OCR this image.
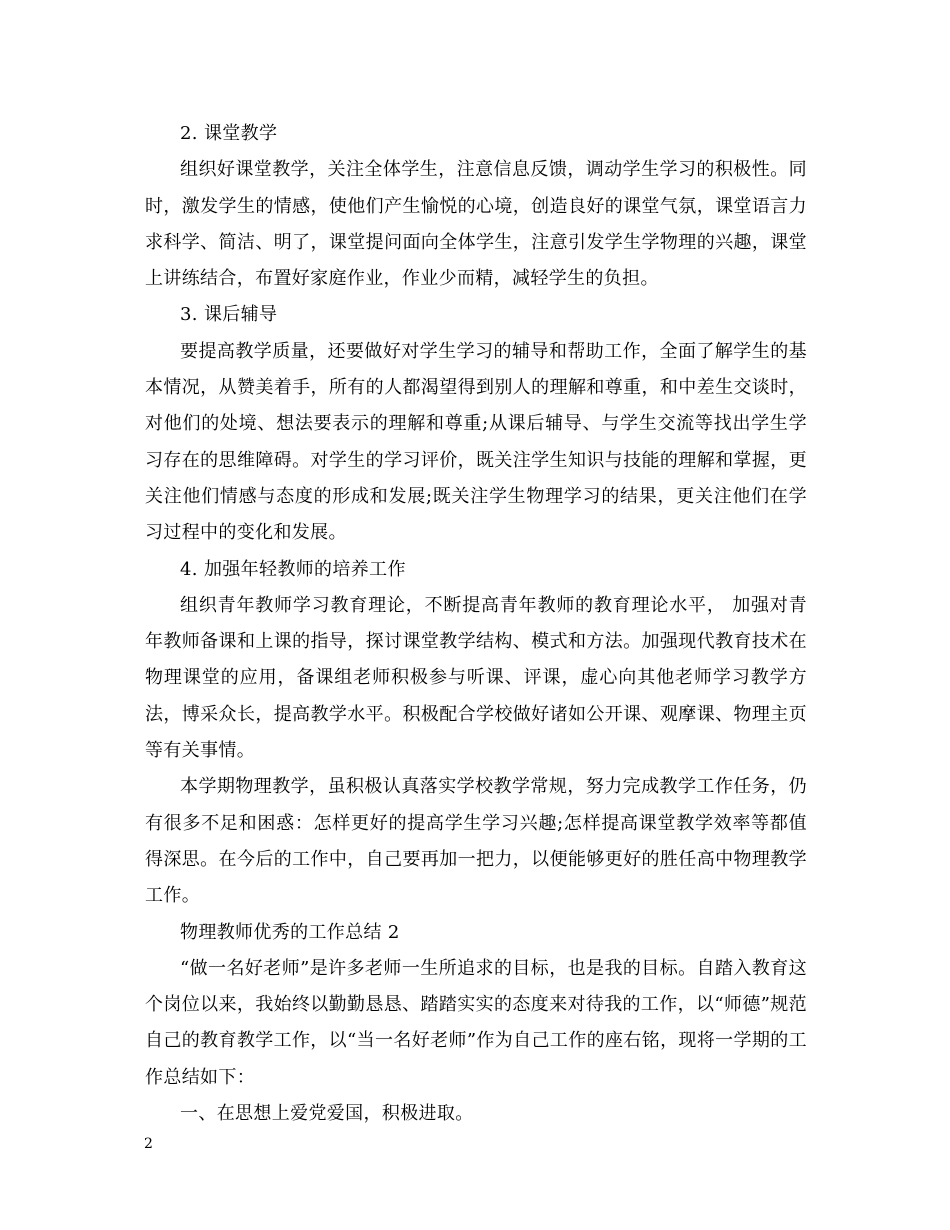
2. 课堂教学

组织好课堂教学，关注全体学生，注意信息反馈，调动学生学习的积极性。同时，激发学生的情感，使他们产生愉悦的心境，创造良好的课堂气氛，课堂语言力求科学、简洁、明了，课堂提问面向全体学生，注意引发学生学物理的兴趣，课堂上讲练结合，布置好家庭作业，作业少而精，减轻学生的负担。

3. 课后辅导

要提高教学质量，还要做好对学生学习的辅导和帮助工作，全面了解学生的基本情况，从赞美着手，所有的人都渴望得到别人的理解和尊重，和中差生交谈时，对他们的处境、想法要表示的理解和尊重;从课后辅导、与学生交流等找出学生学习存在的思维障碍。对学生的学习评价，既关注学生知识与技能的理解和掌握，更关注他们情感与态度的形成和发展;既关注学生物理学习的结果，更关注他们在学习过程中的变化和发展。

4. 加强年轻教师的培养工作

组织青年教师学习教育理论，不断提高青年教师的教育理论水平， 加强对青年教师备课和上课的指导，探讨课堂教学结构、模式和方法。加强现代教育技术在物理课堂的应用，备课组老师积极参与听课、评课，虚心向其他老师学习教学方法，博采众长，提高教学水平。积极配合学校做好诸如公开课、观摩课、物理主页等有关事情。

本学期物理教学，虽积极认真落实学校教学常规，努力完成教学工作任务，仍有很多不足和困惑：怎样更好的提高学生学习兴趣;怎样提高课堂教学效率等都值得深思。在今后的工作中，自己要再加一把力，以便能够更好的胜任高中物理教学工作。

物理教师优秀的工作总结 2

“做一名好老师”是许多老师一生所追求的目标，也是我的目标。自踏入教育这个岗位以来，我始终以勤勤恳恳、踏踏实实的态度来对待我的工作，以“师德”规范自己的教育教学工作，以“当一名好老师”作为自己工作的座右铭，现将一学期的工作总结如下：

一、在思想上爱党爱国，积极进取。

2
